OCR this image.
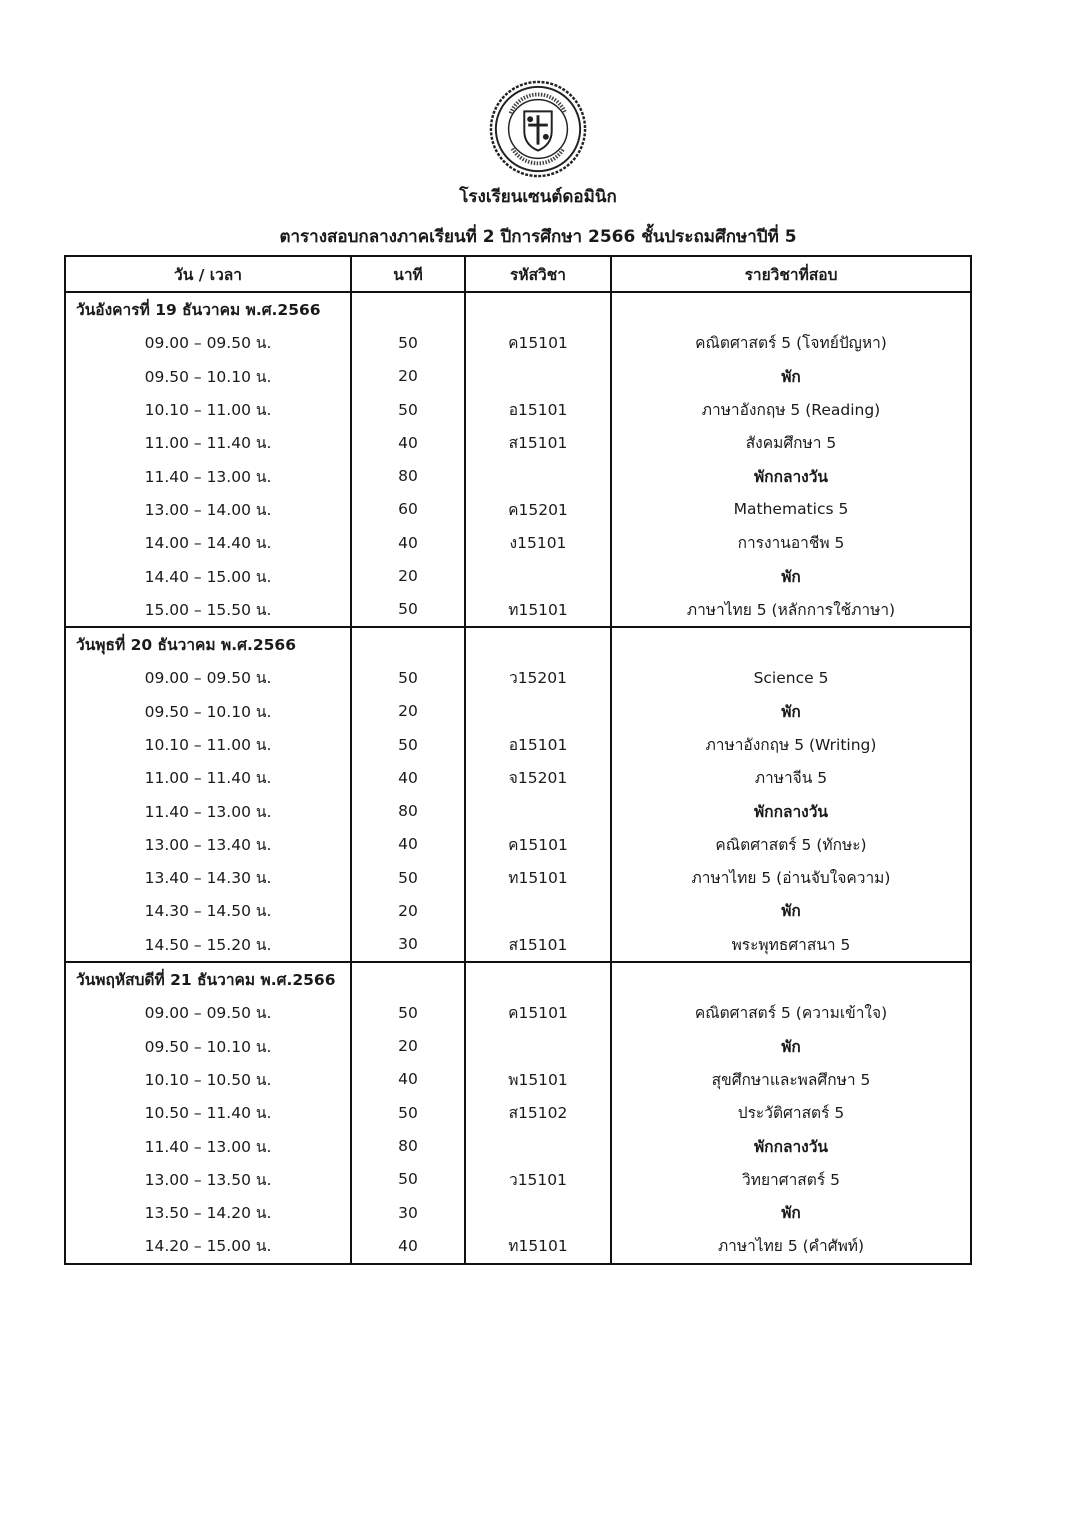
โรงเรียนเซนต์ดอมินิก
ตารางสอบกลางภาคเรียนที่ 2 ปีการศึกษา 2566 ชั้นประถมศึกษาปีที่ 5
วัน / เวลา	นาที	รหัสวิชา	รายวิชาที่สอบ
วันอังคารที่ 19 ธันวาคม พ.ศ.2566			
09.00 – 09.50 น.	50	ค15101	คณิตศาสตร์ 5 (โจทย์ปัญหา)
09.50 – 10.10 น.	20		พัก
10.10 – 11.00 น.	50	อ15101	ภาษาอังกฤษ 5 (Reading)
11.00 – 11.40 น.	40	ส15101	สังคมศึกษา 5
11.40 – 13.00 น.	80		พักกลางวัน
13.00 – 14.00 น.	60	ค15201	Mathematics 5
14.00 – 14.40 น.	40	ง15101	การงานอาชีพ 5
14.40 – 15.00 น.	20		พัก
15.00 – 15.50 น.	50	ท15101	ภาษาไทย 5 (หลักการใช้ภาษา)
วันพุธที่ 20 ธันวาคม พ.ศ.2566			
09.00 – 09.50 น.	50	ว15201	Science 5
09.50 – 10.10 น.	20		พัก
10.10 – 11.00 น.	50	อ15101	ภาษาอังกฤษ 5 (Writing)
11.00 – 11.40 น.	40	จ15201	ภาษาจีน 5
11.40 – 13.00 น.	80		พักกลางวัน
13.00 – 13.40 น.	40	ค15101	คณิตศาสตร์ 5 (ทักษะ)
13.40 – 14.30 น.	50	ท15101	ภาษาไทย 5 (อ่านจับใจความ)
14.30 – 14.50 น.	20		พัก
14.50 – 15.20 น.	30	ส15101	พระพุทธศาสนา 5
วันพฤหัสบดีที่ 21 ธันวาคม พ.ศ.2566			
09.00 – 09.50 น.	50	ค15101	คณิตศาสตร์ 5 (ความเข้าใจ)
09.50 – 10.10 น.	20		พัก
10.10 – 10.50 น.	40	พ15101	สุขศึกษาและพลศึกษา 5
10.50 – 11.40 น.	50	ส15102	ประวัติศาสตร์ 5
11.40 – 13.00 น.	80		พักกลางวัน
13.00 – 13.50 น.	50	ว15101	วิทยาศาสตร์ 5
13.50 – 14.20 น.	30		พัก
14.20 – 15.00 น.	40	ท15101	ภาษาไทย 5 (คำศัพท์)
